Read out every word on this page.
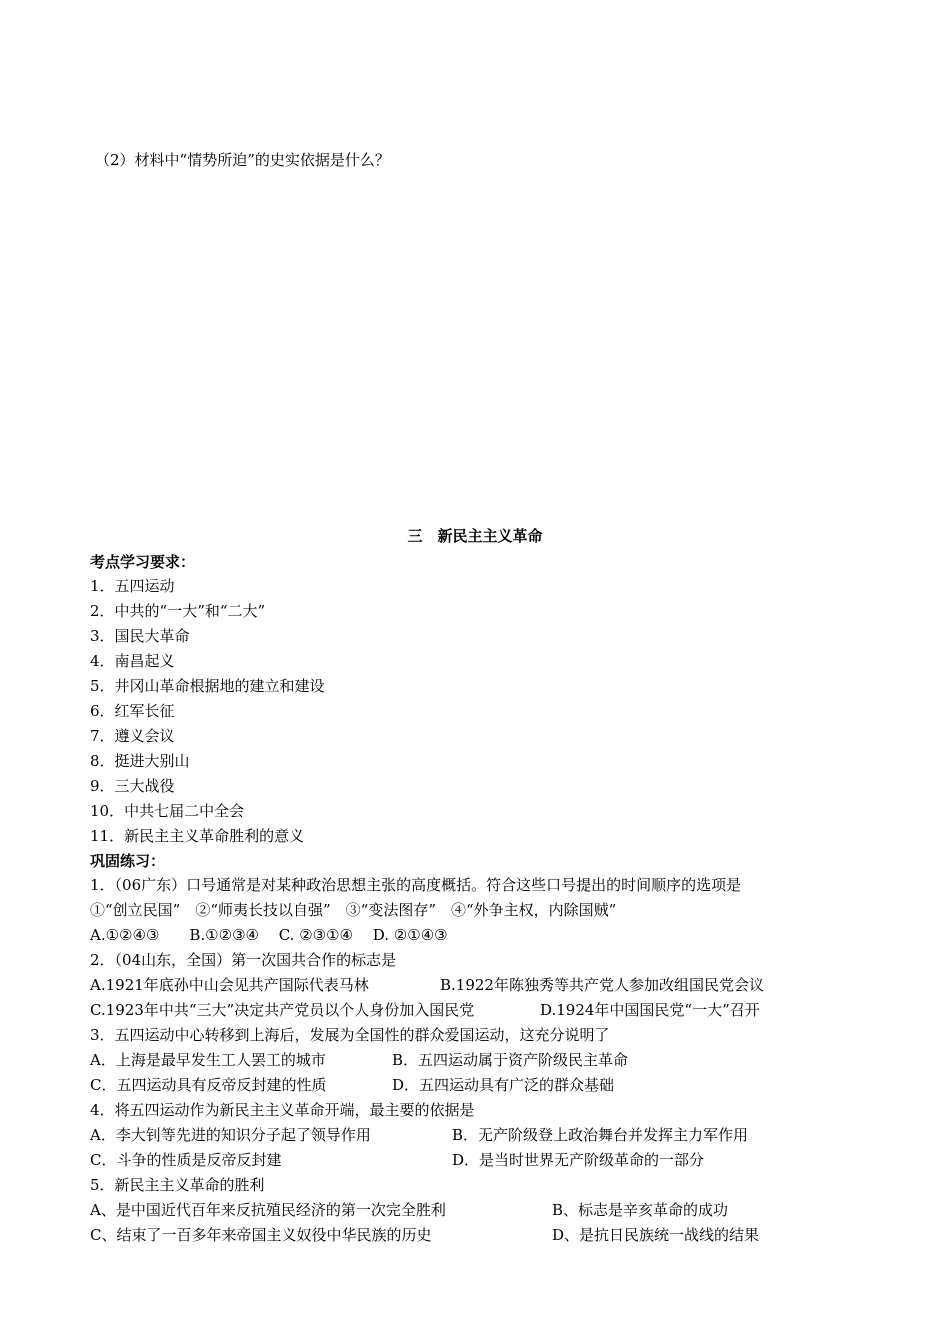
（2）材料中“情势所迫”的史实依据是什么？
三　新民主主义革命
考点学习要求：
1．五四运动
2．中共的“一大”和“二大”
3．国民大革命
4．南昌起义
5．井冈山革命根据地的建立和建设
6．红军长征
7．遵义会议
8．挺进大别山
9．三大战役
10．中共七届二中全会
11．新民主主义革命胜利的意义
巩固练习：
1．（06广东）口号通常是对某种政治思想主张的高度概括。符合这些口号提出的时间顺序的选项是
①“创立民国”　②“师夷长技以自强”　③“变法图存”　④“外争主权，内除国贼”
A.①②④③　　B.①②③④　 C. ②③①④　 D. ②①④③
2．（04山东，全国）第一次国共合作的标志是
A.1921年底孙中山会见共产国际代表马林	B.1922年陈独秀等共产党人参加改组国民党会议
C.1923年中共“三大”决定共产党员以个人身份加入国民党	D.1924年中国国民党“一大”召开
3．五四运动中心转移到上海后，发展为全国性的群众爱国运动，这充分说明了
A．上海是最早发生工人罢工的城市	B．五四运动属于资产阶级民主革命
C．五四运动具有反帝反封建的性质	D．五四运动具有广泛的群众基础
4．将五四运动作为新民主主义革命开端，最主要的依据是
A．李大钊等先进的知识分子起了领导作用	B．无产阶级登上政治舞台并发挥主力军作用
C．斗争的性质是反帝反封建	D．是当时世界无产阶级革命的一部分
5．新民主主义革命的胜利
A、是中国近代百年来反抗殖民经济的第一次完全胜利	B、标志是辛亥革命的成功
C、结束了一百多年来帝国主义奴役中华民族的历史	D、是抗日民族统一战线的结果
